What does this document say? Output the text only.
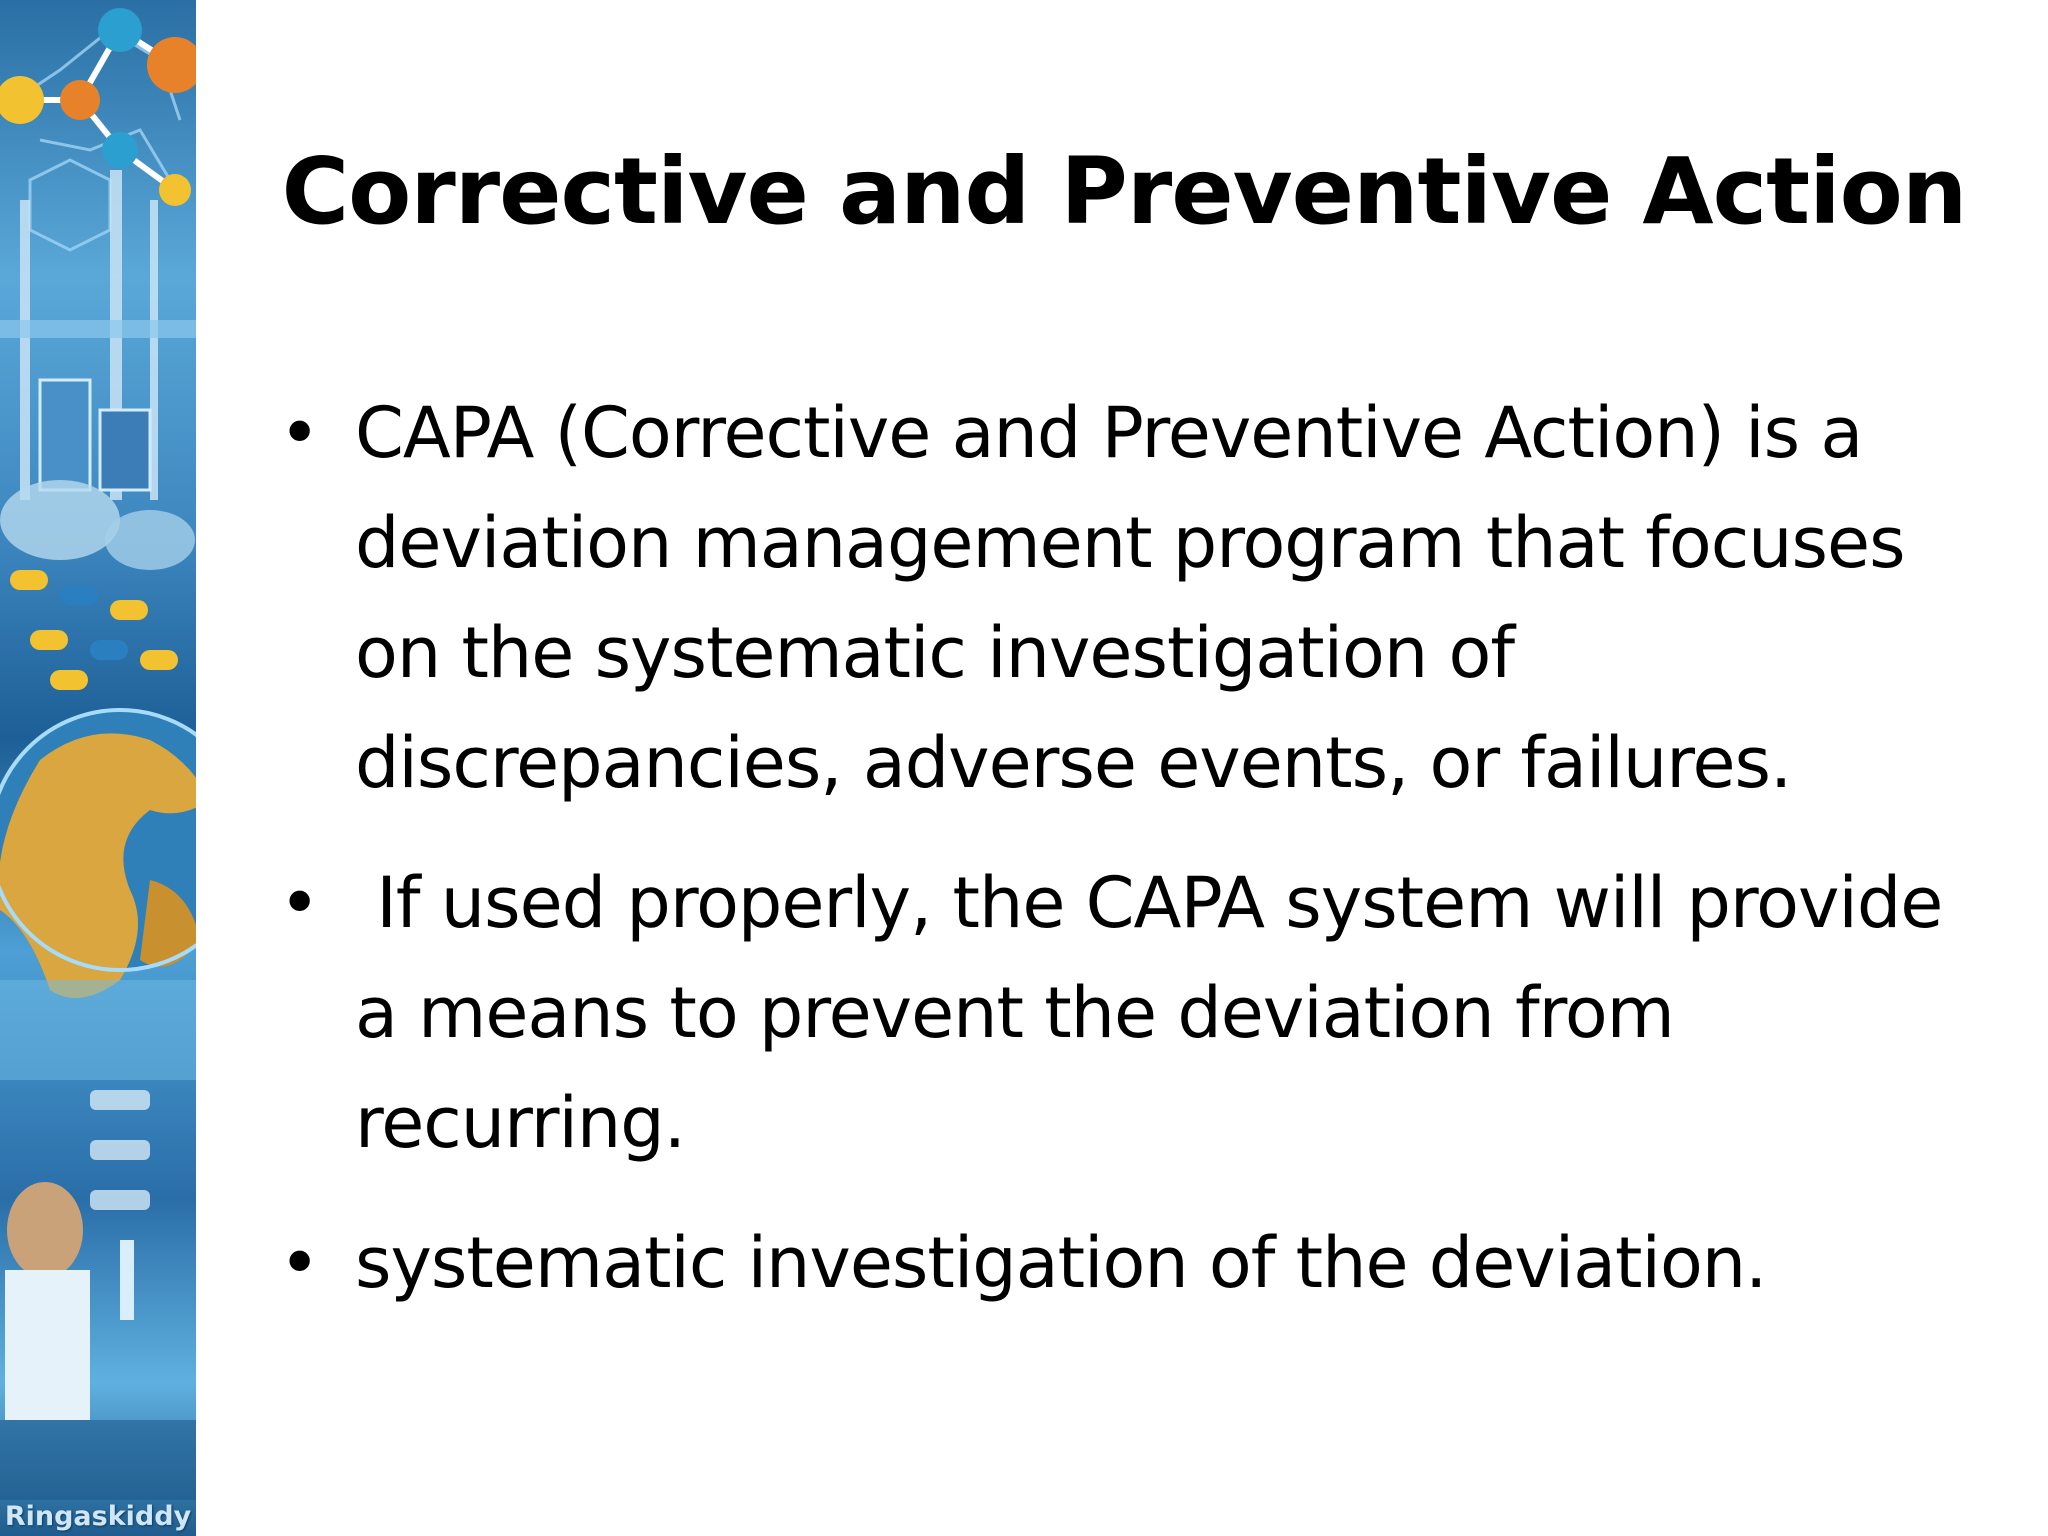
Ringaskiddy
Corrective and Preventive Action
• CAPA (Corrective and Preventive Action) is a deviation management program that focuses on the systematic investigation of discrepancies, adverse events, or failures.
• If used properly, the CAPA system will provide a means to prevent the deviation from recurring.
• systematic investigation of the deviation.
